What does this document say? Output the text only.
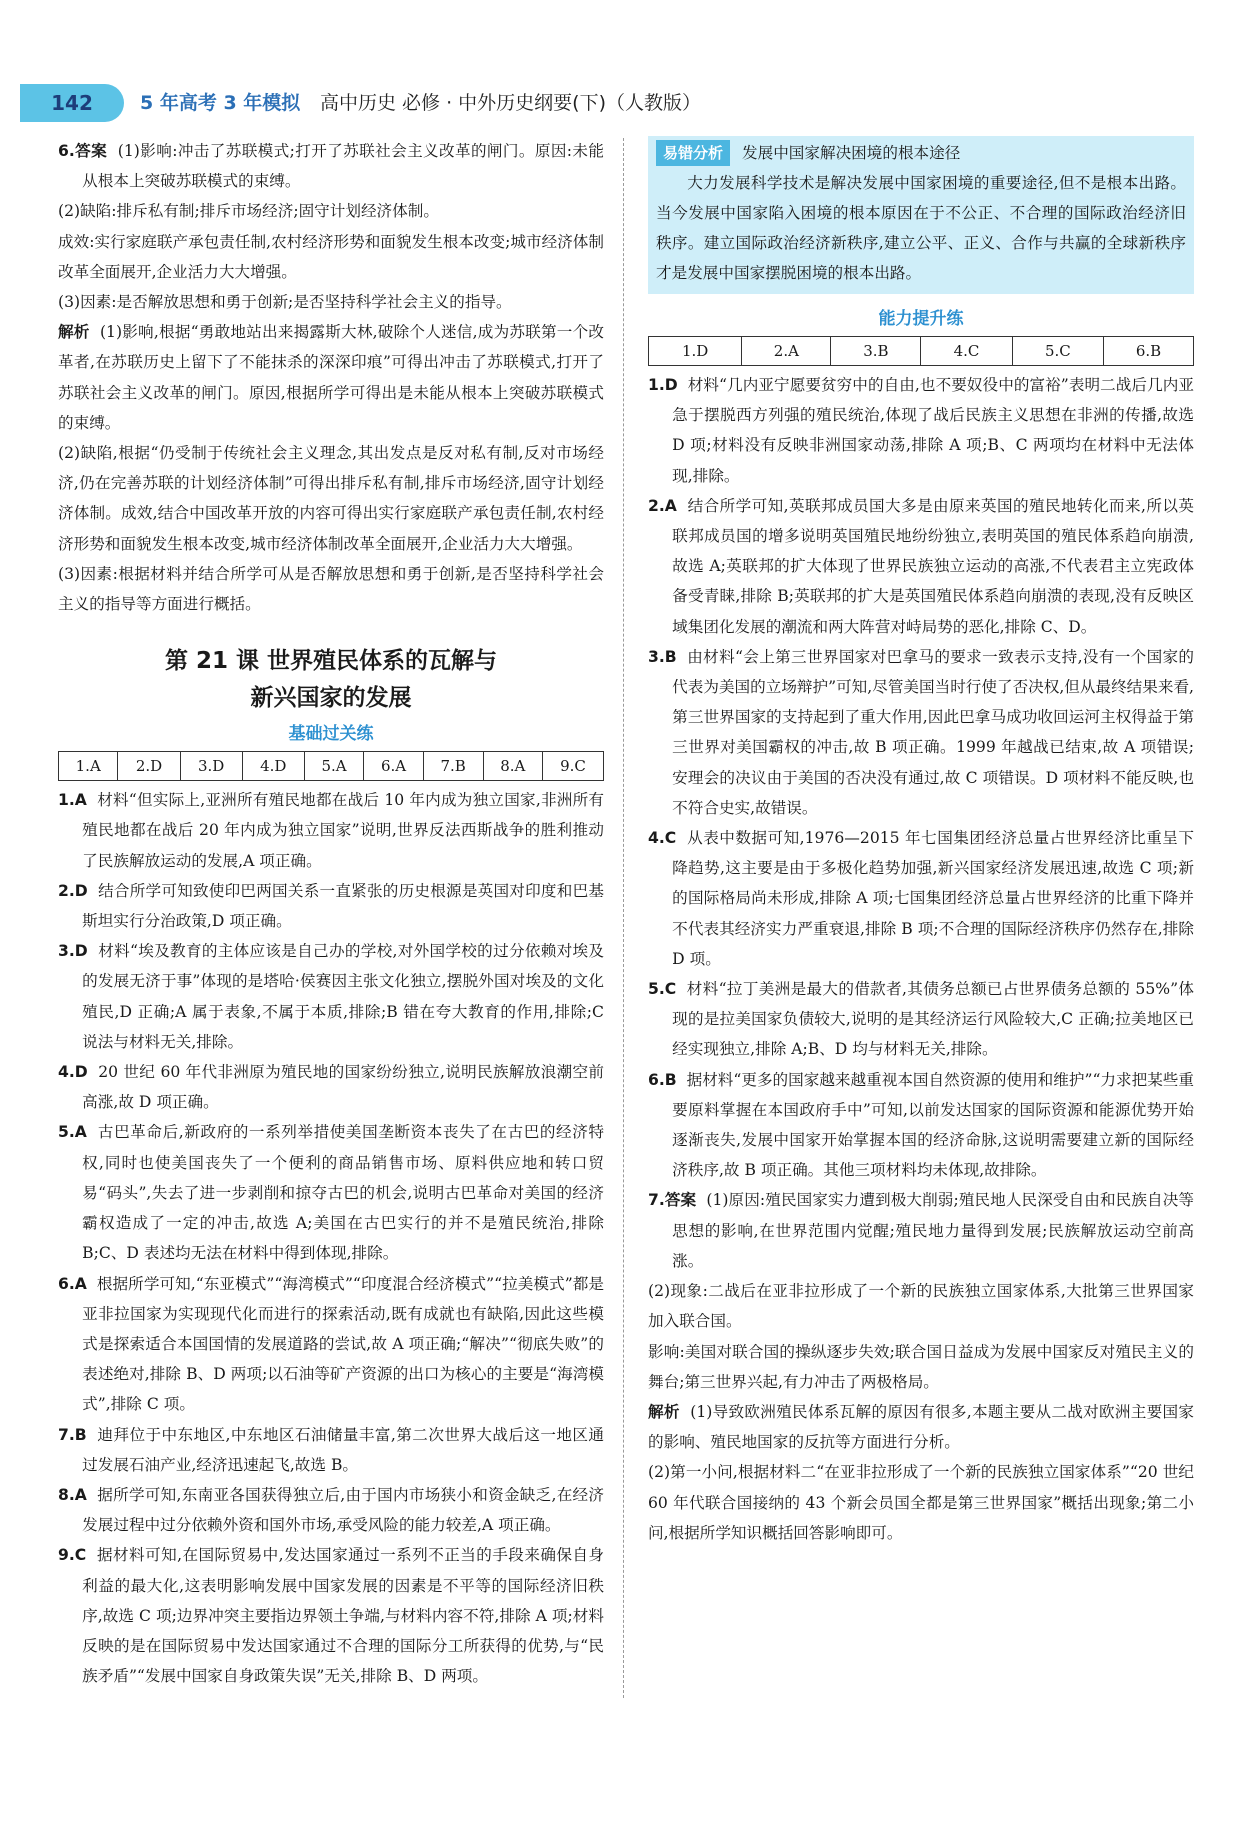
142	5 年高考 3 年模拟 高中历史 必修 · 中外历史纲要(下)（人教版）

6.答案 (1)影响:冲击了苏联模式;打开了苏联社会主义改革的闸门。原因:未能从根本上突破苏联模式的束缚。

(2)缺陷:排斥私有制;排斥市场经济;固守计划经济体制。

成效:实行家庭联产承包责任制,农村经济形势和面貌发生根本改变;城市经济体制改革全面展开,企业活力大大增强。

(3)因素:是否解放思想和勇于创新;是否坚持科学社会主义的指导。

解析 (1)影响,根据“勇敢地站出来揭露斯大林,破除个人迷信,成为苏联第一个改革者,在苏联历史上留下了不能抹杀的深深印痕”可得出冲击了苏联模式,打开了苏联社会主义改革的闸门。原因,根据所学可得出是未能从根本上突破苏联模式的束缚。

(2)缺陷,根据“仍受制于传统社会主义理念,其出发点是反对私有制,反对市场经济,仍在完善苏联的计划经济体制”可得出排斥私有制,排斥市场经济,固守计划经济体制。成效,结合中国改革开放的内容可得出实行家庭联产承包责任制,农村经济形势和面貌发生根本改变,城市经济体制改革全面展开,企业活力大大增强。

(3)因素:根据材料并结合所学可从是否解放思想和勇于创新,是否坚持科学社会主义的指导等方面进行概括。

第 21 课 世界殖民体系的瓦解与
新兴国家的发展
基础过关练
1.A	2.D	3.D	4.D	5.A	6.A	7.B	8.A	9.C

1.A 材料“但实际上,亚洲所有殖民地都在战后 10 年内成为独立国家,非洲所有殖民地都在战后 20 年内成为独立国家”说明,世界反法西斯战争的胜利推动了民族解放运动的发展,A 项正确。

2.D 结合所学可知致使印巴两国关系一直紧张的历史根源是英国对印度和巴基斯坦实行分治政策,D 项正确。

3.D 材料“埃及教育的主体应该是自己办的学校,对外国学校的过分依赖对埃及的发展无济于事”体现的是塔哈·侯赛因主张文化独立,摆脱外国对埃及的文化殖民,D 正确;A 属于表象,不属于本质,排除;B 错在夸大教育的作用,排除;C 说法与材料无关,排除。

4.D 20 世纪 60 年代非洲原为殖民地的国家纷纷独立,说明民族解放浪潮空前高涨,故 D 项正确。

5.A 古巴革命后,新政府的一系列举措使美国垄断资本丧失了在古巴的经济特权,同时也使美国丧失了一个便利的商品销售市场、原料供应地和转口贸易“码头”,失去了进一步剥削和掠夺古巴的机会,说明古巴革命对美国的经济霸权造成了一定的冲击,故选 A;美国在古巴实行的并不是殖民统治,排除 B;C、D 表述均无法在材料中得到体现,排除。

6.A 根据所学可知,“东亚模式”“海湾模式”“印度混合经济模式”“拉美模式”都是亚非拉国家为实现现代化而进行的探索活动,既有成就也有缺陷,因此这些模式是探索适合本国国情的发展道路的尝试,故 A 项正确;“解决”“彻底失败”的表述绝对,排除 B、D 两项;以石油等矿产资源的出口为核心的主要是“海湾模式”,排除 C 项。

7.B 迪拜位于中东地区,中东地区石油储量丰富,第二次世界大战后这一地区通过发展石油产业,经济迅速起飞,故选 B。

8.A 据所学可知,东南亚各国获得独立后,由于国内市场狭小和资金缺乏,在经济发展过程中过分依赖外资和国外市场,承受风险的能力较差,A 项正确。

9.C 据材料可知,在国际贸易中,发达国家通过一系列不正当的手段来确保自身利益的最大化,这表明影响发展中国家发展的因素是不平等的国际经济旧秩序,故选 C 项;边界冲突主要指边界领土争端,与材料内容不符,排除 A 项;材料反映的是在国际贸易中发达国家通过不合理的国际分工所获得的优势,与“民族矛盾”“发展中国家自身政策失误”无关,排除 B、D 两项。

易错分析	发展中国家解决困境的根本途径
大力发展科学技术是解决发展中国家困境的重要途径,但不是根本出路。当今发展中国家陷入困境的根本原因在于不公正、不合理的国际政治经济旧秩序。建立国际政治经济新秩序,建立公平、正义、合作与共赢的全球新秩序才是发展中国家摆脱困境的根本出路。
能力提升练
1.D	2.A	3.B	4.C	5.C	6.B

1.D 材料“几内亚宁愿要贫穷中的自由,也不要奴役中的富裕”表明二战后几内亚急于摆脱西方列强的殖民统治,体现了战后民族主义思想在非洲的传播,故选 D 项;材料没有反映非洲国家动荡,排除 A 项;B、C 两项均在材料中无法体现,排除。

2.A 结合所学可知,英联邦成员国大多是由原来英国的殖民地转化而来,所以英联邦成员国的增多说明英国殖民地纷纷独立,表明英国的殖民体系趋向崩溃,故选 A;英联邦的扩大体现了世界民族独立运动的高涨,不代表君主立宪政体备受青睐,排除 B;英联邦的扩大是英国殖民体系趋向崩溃的表现,没有反映区域集团化发展的潮流和两大阵营对峙局势的恶化,排除 C、D。

3.B 由材料“会上第三世界国家对巴拿马的要求一致表示支持,没有一个国家的代表为美国的立场辩护”可知,尽管美国当时行使了否决权,但从最终结果来看,第三世界国家的支持起到了重大作用,因此巴拿马成功收回运河主权得益于第三世界对美国霸权的冲击,故 B 项正确。1999 年越战已结束,故 A 项错误;安理会的决议由于美国的否决没有通过,故 C 项错误。D 项材料不能反映,也不符合史实,故错误。

4.C 从表中数据可知,1976—2015 年七国集团经济总量占世界经济比重呈下降趋势,这主要是由于多极化趋势加强,新兴国家经济发展迅速,故选 C 项;新的国际格局尚未形成,排除 A 项;七国集团经济总量占世界经济的比重下降并不代表其经济实力严重衰退,排除 B 项;不合理的国际经济秩序仍然存在,排除 D 项。

5.C 材料“拉丁美洲是最大的借款者,其债务总额已占世界债务总额的 55%”体现的是拉美国家负债较大,说明的是其经济运行风险较大,C 正确;拉美地区已经实现独立,排除 A;B、D 均与材料无关,排除。

6.B 据材料“更多的国家越来越重视本国自然资源的使用和维护”“力求把某些重要原料掌握在本国政府手中”可知,以前发达国家的国际资源和能源优势开始逐渐丧失,发展中国家开始掌握本国的经济命脉,这说明需要建立新的国际经济秩序,故 B 项正确。其他三项材料均未体现,故排除。

7.答案 (1)原因:殖民国家实力遭到极大削弱;殖民地人民深受自由和民族自决等思想的影响,在世界范围内觉醒;殖民地力量得到发展;民族解放运动空前高涨。

(2)现象:二战后在亚非拉形成了一个新的民族独立国家体系,大批第三世界国家加入联合国。

影响:美国对联合国的操纵逐步失效;联合国日益成为发展中国家反对殖民主义的舞台;第三世界兴起,有力冲击了两极格局。

解析 (1)导致欧洲殖民体系瓦解的原因有很多,本题主要从二战对欧洲主要国家的影响、殖民地国家的反抗等方面进行分析。

(2)第一小问,根据材料二“在亚非拉形成了一个新的民族独立国家体系”“20 世纪 60 年代联合国接纳的 43 个新会员国全都是第三世界国家”概括出现象;第二小问,根据所学知识概括回答影响即可。
